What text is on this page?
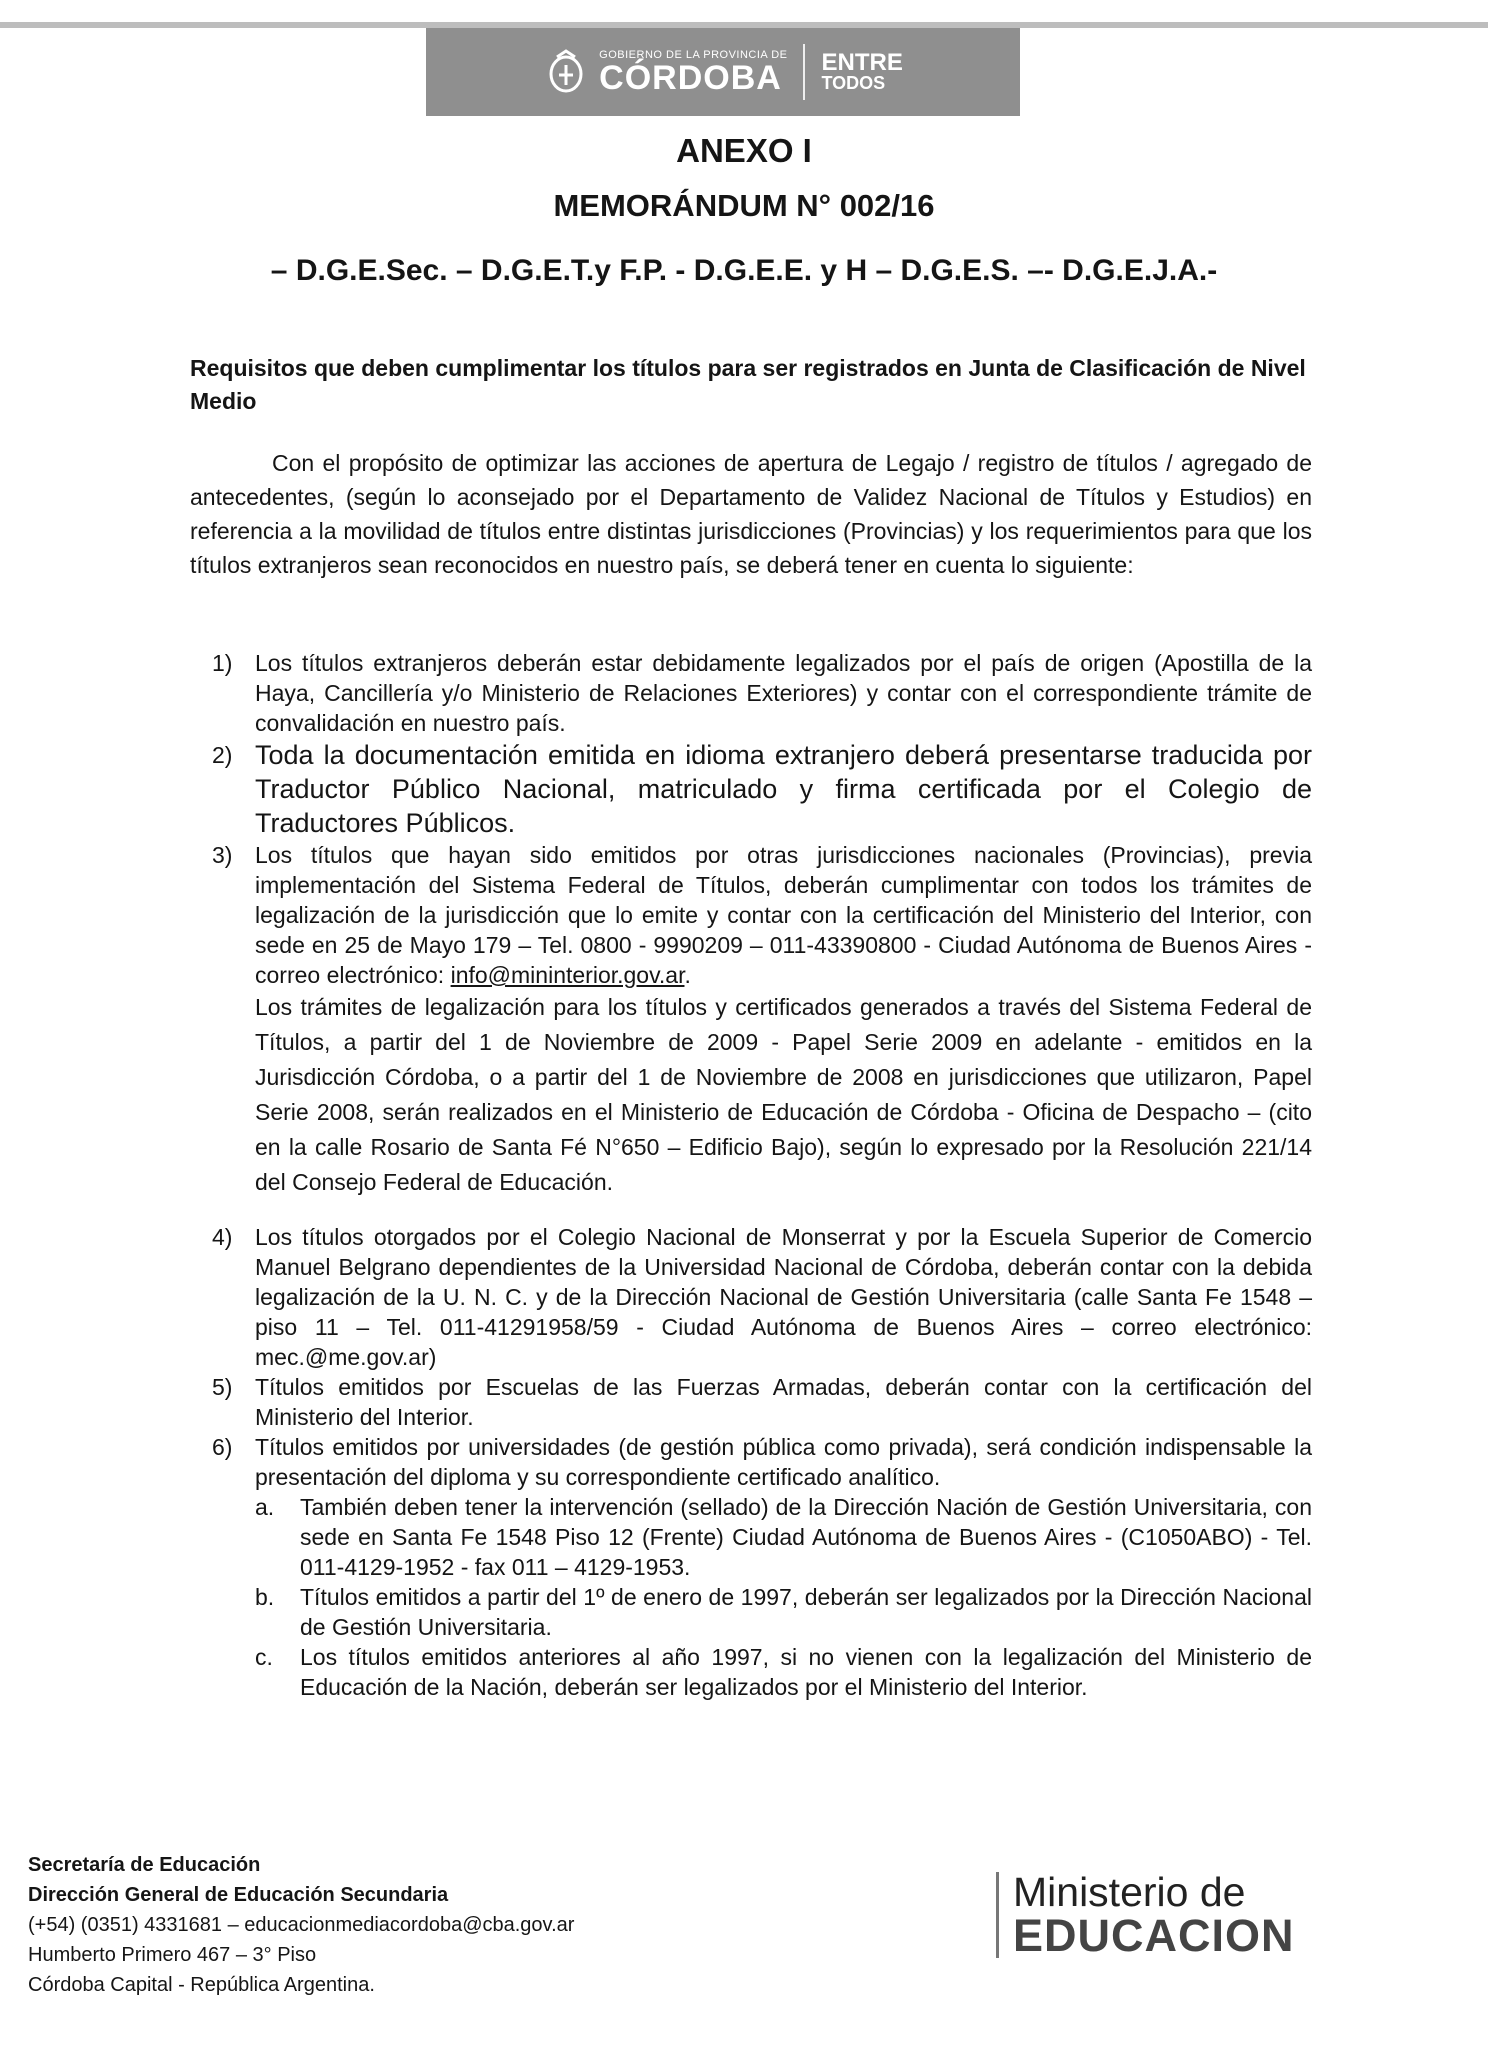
GOBIERNO DE LA PROVINCIA DE
CÓRDOBA ENTRE
TODOS
ANEXO I
MEMORÁNDUM N° 002/16
– D.G.E.Sec. – D.G.E.T.y F.P. - D.G.E.E. y H – D.G.E.S. –- D.G.E.J.A.-
Requisitos que deben cumplimentar los títulos para ser registrados en Junta de Clasificación de Nivel Medio
Con el propósito de optimizar las acciones de apertura de Legajo / registro de títulos / agregado de antecedentes, (según lo aconsejado por el Departamento de Validez Nacional de Títulos y Estudios) en referencia a la movilidad de títulos entre distintas jurisdicciones (Provincias) y los requerimientos para que los títulos extranjeros sean reconocidos en nuestro país, se deberá tener en cuenta lo siguiente:
1) Los títulos extranjeros deberán estar debidamente legalizados por el país de origen (Apostilla de la Haya, Cancillería y/o Ministerio de Relaciones Exteriores) y contar con el correspondiente trámite de convalidación en nuestro país.
2) Toda la documentación emitida en idioma extranjero deberá presentarse traducida por Traductor Público Nacional, matriculado y firma certificada por el Colegio de Traductores Públicos.
3) Los títulos que hayan sido emitidos por otras jurisdicciones nacionales (Provincias), previa implementación del Sistema Federal de Títulos, deberán cumplimentar con todos los trámites de legalización de la jurisdicción que lo emite y contar con la certificación del Ministerio del Interior, con sede en 25 de Mayo 179 – Tel. 0800 - 9990209 – 011-43390800 - Ciudad Autónoma de Buenos Aires - correo electrónico: info@mininterior.gov.ar.
Los trámites de legalización para los títulos y certificados generados a través del Sistema Federal de Títulos, a partir del 1 de Noviembre de 2009 - Papel Serie 2009 en adelante - emitidos en la Jurisdicción Córdoba, o a partir del 1 de Noviembre de 2008 en jurisdicciones que utilizaron, Papel Serie 2008, serán realizados en el Ministerio de Educación de Córdoba - Oficina de Despacho – (cito en la calle Rosario de Santa Fé N°650 – Edificio Bajo), según lo expresado por la Resolución 221/14 del Consejo Federal de Educación.
4) Los títulos otorgados por el Colegio Nacional de Monserrat y por la Escuela Superior de Comercio Manuel Belgrano dependientes de la Universidad Nacional de Córdoba, deberán contar con la debida legalización de la U. N. C. y de la Dirección Nacional de Gestión Universitaria (calle Santa Fe 1548 – piso 11 – Tel. 011-41291958/59 - Ciudad Autónoma de Buenos Aires – correo electrónico: mec.@me.gov.ar)
5) Títulos emitidos por Escuelas de las Fuerzas Armadas, deberán contar con la certificación del Ministerio del Interior.
6) Títulos emitidos por universidades (de gestión pública como privada), será condición indispensable la presentación del diploma y su correspondiente certificado analítico.
a. También deben tener la intervención (sellado) de la Dirección Nación de Gestión Universitaria, con sede en Santa Fe 1548 Piso 12 (Frente) Ciudad Autónoma de Buenos Aires - (C1050ABO) - Tel. 011-4129-1952 - fax 011 – 4129-1953.
b. Títulos emitidos a partir del 1º de enero de 1997, deberán ser legalizados por la Dirección Nacional de Gestión Universitaria.
c. Los títulos emitidos anteriores al año 1997, si no vienen con la legalización del Ministerio de Educación de la Nación, deberán ser legalizados por el Ministerio del Interior.
Secretaría de Educación
Dirección General de Educación Secundaria
(+54) (0351) 4331681 – educacionmediacordoba@cba.gov.ar
Humberto Primero 467 – 3° Piso
Córdoba Capital - República Argentina.
Ministerio de
EDUCACION
